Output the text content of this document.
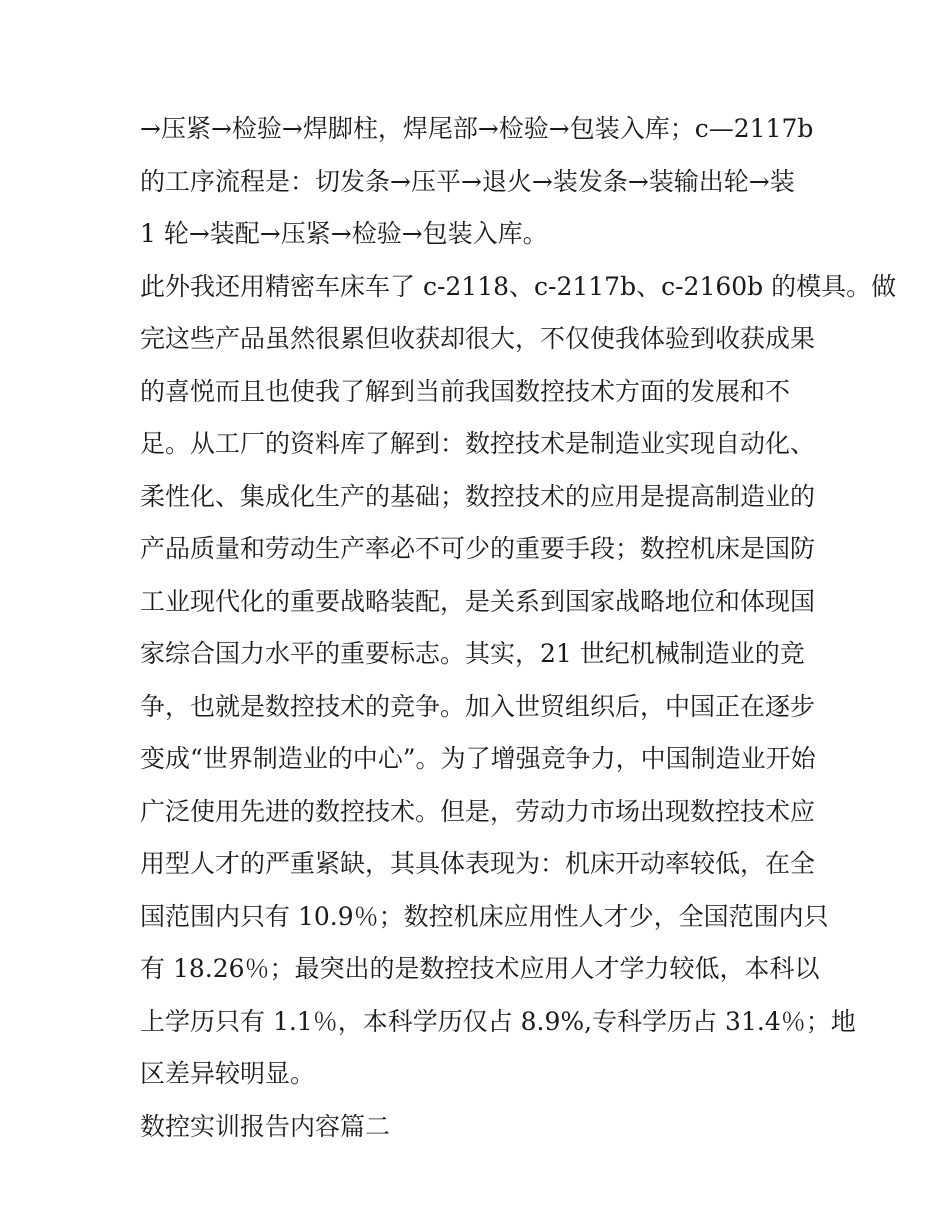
→压紧→检验→焊脚柱，焊尾部→检验→包装入库；c—2117b

的工序流程是：切发条→压平→退火→装发条→装输出轮→装

1 轮→装配→压紧→检验→包装入库。

此外我还用精密车床车了 c-2118、c-2117b、c-2160b 的模具。做

完这些产品虽然很累但收获却很大，不仅使我体验到收获成果

的喜悦而且也使我了解到当前我国数控技术方面的发展和不

足。从工厂的资料库了解到：数控技术是制造业实现自动化、

柔性化、集成化生产的基础；数控技术的应用是提高制造业的

产品质量和劳动生产率必不可少的重要手段；数控机床是国防

工业现代化的重要战略装配，是关系到国家战略地位和体现国

家综合国力水平的重要标志。其实，21 世纪机械制造业的竞

争，也就是数控技术的竞争。加入世贸组织后，中国正在逐步

变成“世界制造业的中心”。为了增强竞争力，中国制造业开始

广泛使用先进的数控技术。但是，劳动力市场出现数控技术应

用型人才的严重紧缺，其具体表现为：机床开动率较低，在全

国范围内只有 10.9％；数控机床应用性人才少，全国范围内只

有 18.26％；最突出的是数控技术应用人才学力较低，本科以

上学历只有 1.1％，本科学历仅占 8.9%,专科学历占 31.4％；地

区差异较明显。

数控实训报告内容篇二
